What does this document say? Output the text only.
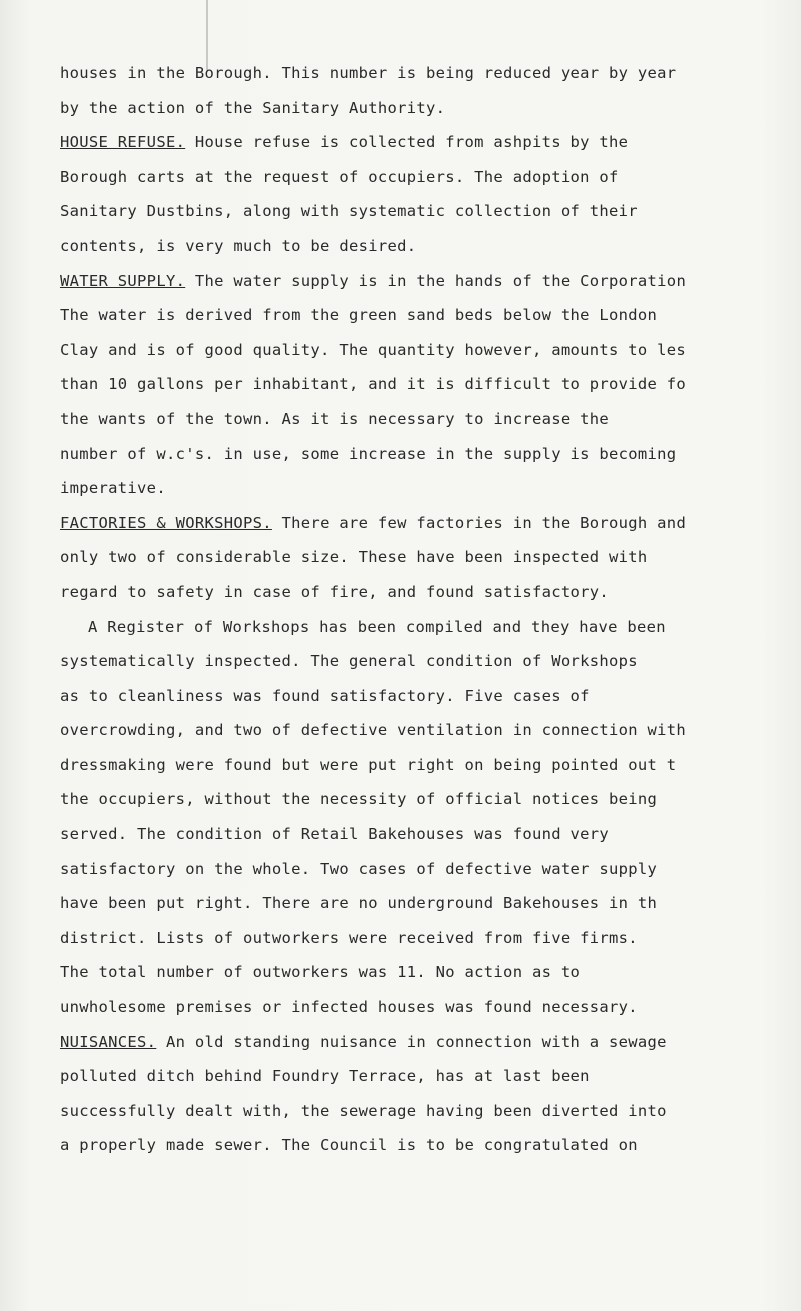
houses in the Borough. This number is being reduced year by year
by the action of the Sanitary Authority.
HOUSE REFUSE. House refuse is collected from ashpits by the
Borough carts at the request of occupiers. The adoption of
Sanitary Dustbins, along with systematic collection of their
contents, is very much to be desired.
WATER SUPPLY. The water supply is in the hands of the Corporation
The water is derived from the green sand beds below the London
Clay and is of good quality. The quantity however, amounts to les
than 10 gallons per inhabitant, and it is difficult to provide fo
the wants of the town. As it is necessary to increase the
number of w.c's. in use, some increase in the supply is becoming
imperative.
FACTORIES & WORKSHOPS. There are few factories in the Borough and
only two of considerable size. These have been inspected with
regard to safety in case of fire, and found satisfactory.
A Register of Workshops has been compiled and they have been
systematically inspected. The general condition of Workshops
as to cleanliness was found satisfactory. Five cases of
overcrowding, and two of defective ventilation in connection with
dressmaking were found but were put right on being pointed out t
the occupiers, without the necessity of official notices being
served. The condition of Retail Bakehouses was found very
satisfactory on the whole. Two cases of defective water supply
have been put right. There are no underground Bakehouses in th
district. Lists of outworkers were received from five firms.
The total number of outworkers was 11. No action as to
unwholesome premises or infected houses was found necessary.
NUISANCES. An old standing nuisance in connection with a sewage
polluted ditch behind Foundry Terrace, has at last been
successfully dealt with, the sewerage having been diverted into
a properly made sewer. The Council is to be congratulated on
